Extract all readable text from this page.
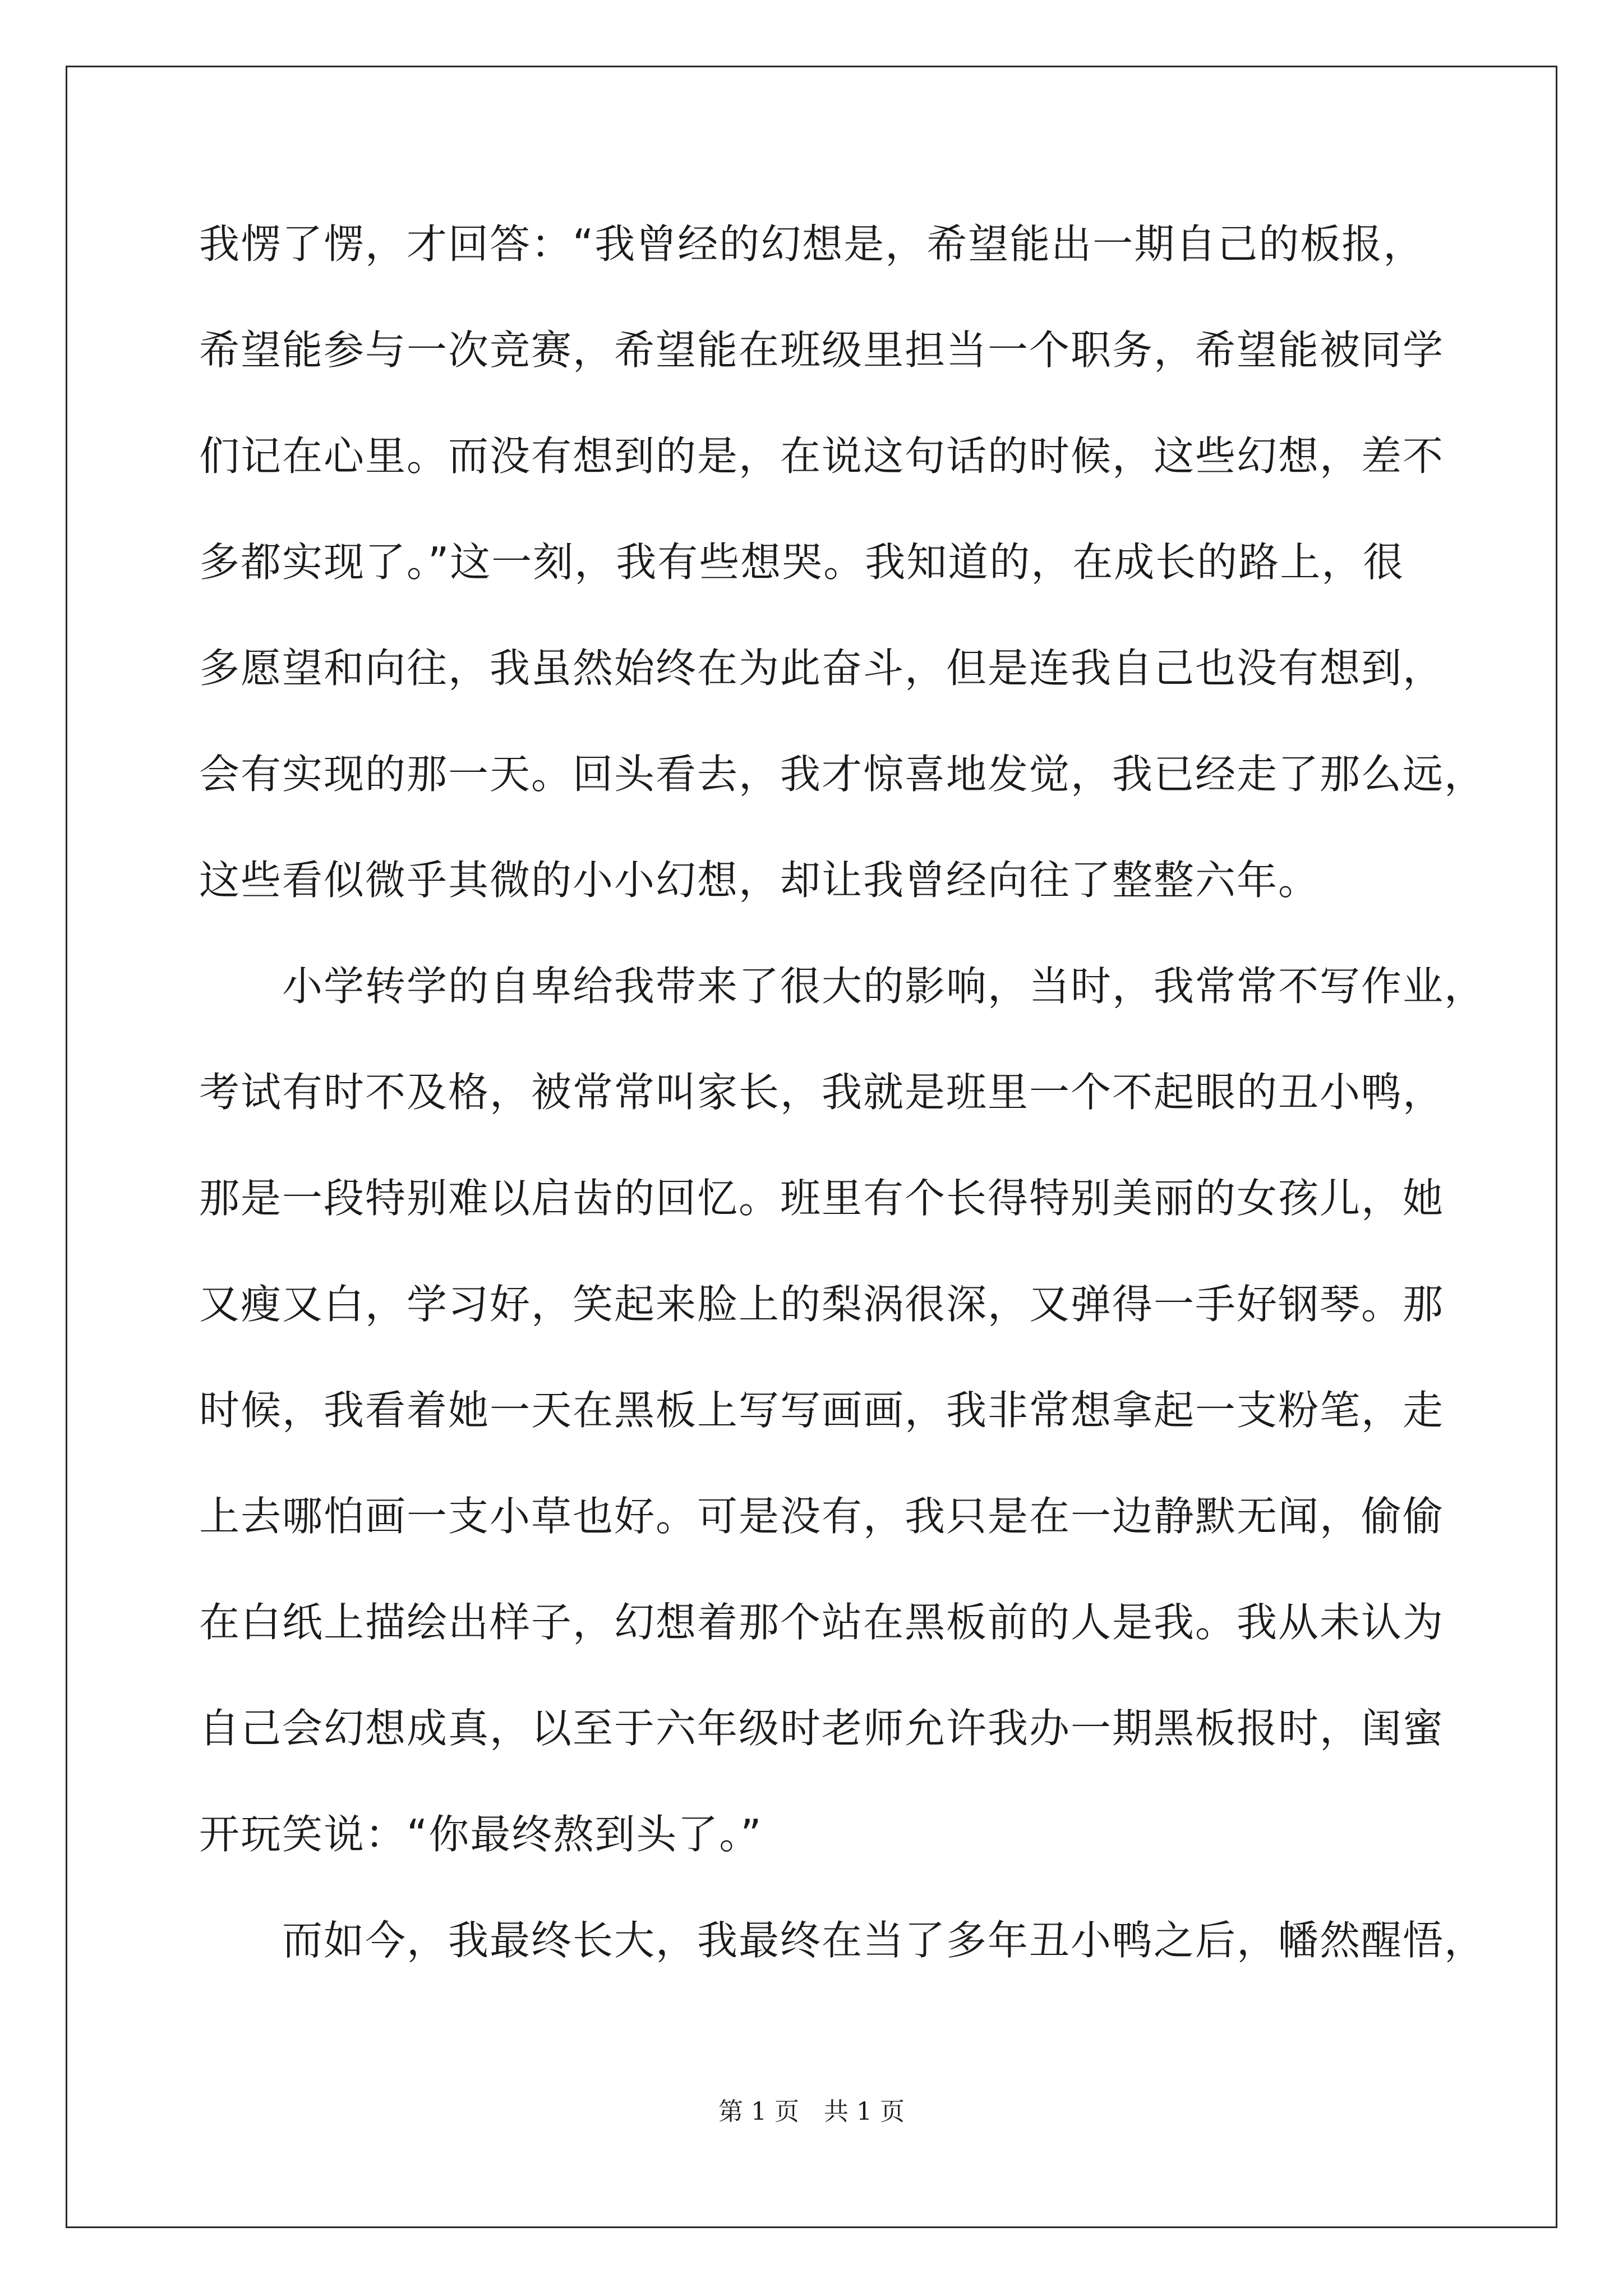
我愣了愣，才回答：“我曾经的幻想是，希望能出一期自己的板报，
希望能参与一次竞赛，希望能在班级里担当一个职务，希望能被同学
们记在心里。而没有想到的是，在说这句话的时候，这些幻想，差不
多都实现了。”这一刻，我有些想哭。我知道的，在成长的路上，很
多愿望和向往，我虽然始终在为此奋斗，但是连我自己也没有想到，
会有实现的那一天。回头看去，我才惊喜地发觉，我已经走了那么远，
这些看似微乎其微的小小幻想，却让我曾经向往了整整六年。
　　小学转学的自卑给我带来了很大的影响，当时，我常常不写作业，
考试有时不及格，被常常叫家长，我就是班里一个不起眼的丑小鸭，
那是一段特别难以启齿的回忆。班里有个长得特别美丽的女孩儿，她
又瘦又白，学习好，笑起来脸上的梨涡很深，又弹得一手好钢琴。那
时候，我看着她一天在黑板上写写画画，我非常想拿起一支粉笔，走
上去哪怕画一支小草也好。可是没有，我只是在一边静默无闻，偷偷
在白纸上描绘出样子，幻想着那个站在黑板前的人是我。我从未认为
自己会幻想成真，以至于六年级时老师允许我办一期黑板报时，闺蜜
开玩笑说：“你最终熬到头了。”
　　而如今，我最终长大，我最终在当了多年丑小鸭之后，幡然醒悟，
第 1 页　共 1 页
